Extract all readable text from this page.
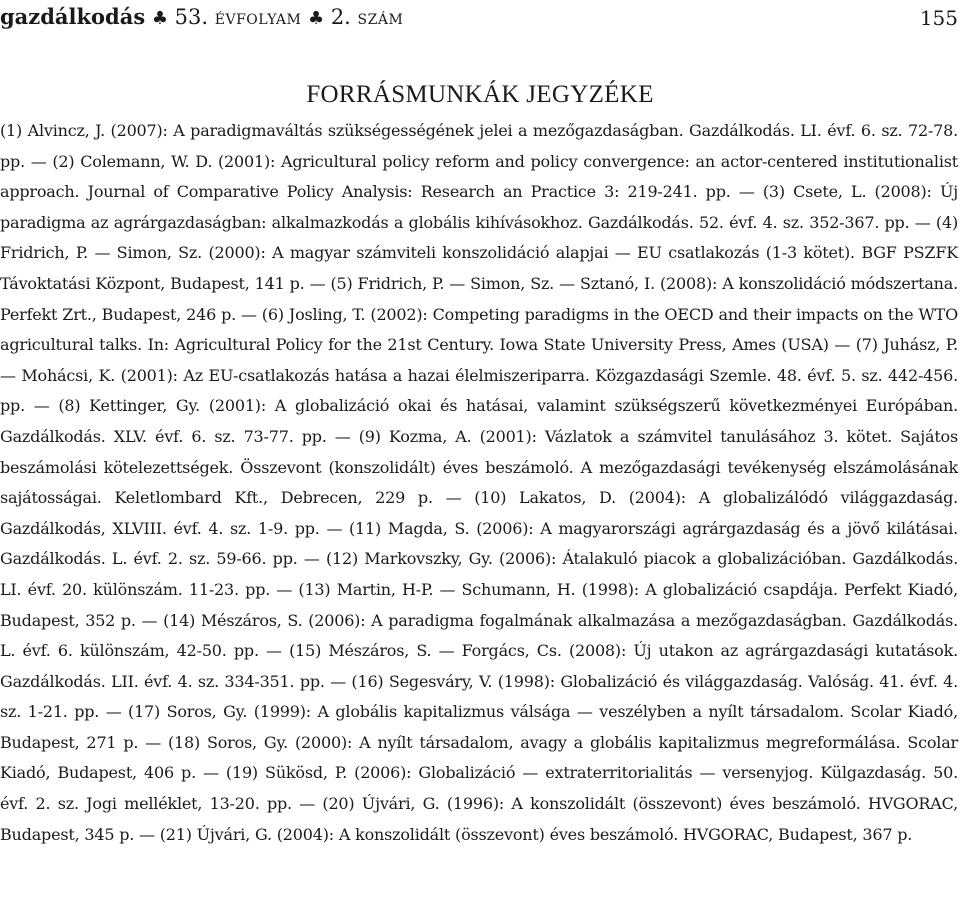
gazdálkodás ♣ 53. ÉVFOLYAM ♣ 2. SZÁM	155
FORRÁSMUNKÁK JEGYZÉKE

(1) Alvincz, J. (2007): A paradigmaváltás szükségességének jelei a mezőgazdaságban. Gazdálkodás. LI. évf. 6. sz. 72-78. pp. — (2) Colemann, W. D. (2001): Agricultural policy reform and policy convergence: an actor-centered institutionalist approach. Journal of Comparative Policy Analysis: Research an Practice 3: 219-241. pp. — (3) Csete, L. (2008): Új paradigma az agrárgazdaságban: alkalmazkodás a globális kihívásokhoz. Gazdálkodás. 52. évf. 4. sz. 352-367. pp. — (4) Fridrich, P. — Simon, Sz. (2000): A magyar számviteli konszolidáció alapjai — EU csatlakozás (1-3 kötet). BGF PSZFK Távoktatási Központ, Budapest, 141 p. — (5) Fridrich, P. — Simon, Sz. — Sztanó, I. (2008): A konszolidáció módszertana. Perfekt Zrt., Budapest, 246 p. — (6) Josling, T. (2002): Competing paradigms in the OECD and their impacts on the WTO agricultural talks. In: Agricultural Policy for the 21st Century. Iowa State University Press, Ames (USA) — (7) Juhász, P. — Mohácsi, K. (2001): Az EU-csatlakozás hatása a hazai élelmiszeriparra. Közgazdasági Szemle. 48. évf. 5. sz. 442-456. pp. — (8) Kettinger, Gy. (2001): A globalizáció okai és hatásai, valamint szükségszerű következményei Európában. Gazdálkodás. XLV. évf. 6. sz. 73-77. pp. — (9) Kozma, A. (2001): Vázlatok a számvitel tanulásához 3. kötet. Sajátos beszámolási kötelezettségek. Összevont (konszolidált) éves beszámoló. A mezőgazdasági tevékenység elszámolásának sajátosságai. Keletlombard Kft., Debrecen, 229 p. — (10) Lakatos, D. (2004): A globalizálódó világgazdaság. Gazdálkodás, XLVIII. évf. 4. sz. 1-9. pp. — (11) Magda, S. (2006): A magyarországi agrárgazdaság és a jövő kilátásai. Gazdálkodás. L. évf. 2. sz. 59-66. pp. — (12) Markovszky, Gy. (2006): Átalakuló piacok a globalizációban. Gazdálkodás. LI. évf. 20. különszám. 11-23. pp. — (13) Martin, H-P. — Schumann, H. (1998): A globalizáció csapdája. Perfekt Kiadó, Budapest, 352 p. — (14) Mészáros, S. (2006): A paradigma fogalmának alkalmazása a mezőgazdaságban. Gazdálkodás. L. évf. 6. különszám, 42-50. pp. — (15) Mészáros, S. — Forgács, Cs. (2008): Új utakon az agrárgazdasági kutatások. Gazdálkodás. LII. évf. 4. sz. 334-351. pp. — (16) Segesváry, V. (1998): Globalizáció és világgazdaság. Valóság. 41. évf. 4. sz. 1-21. pp. — (17) Soros, Gy. (1999): A globális kapitalizmus válsága — veszélyben a nyílt társadalom. Scolar Kiadó, Budapest, 271 p. — (18) Soros, Gy. (2000): A nyílt társadalom, avagy a globális kapitalizmus megreformálása. Scolar Kiadó, Budapest, 406 p. — (19) Sükösd, P. (2006): Globalizáció — extraterritorialitás — versenyjog. Külgazdaság. 50. évf. 2. sz. Jogi melléklet, 13-20. pp. — (20) Újvári, G. (1996): A konszolidált (összevont) éves beszámoló. HVGORAC, Budapest, 345 p. — (21) Újvári, G. (2004): A konszolidált (összevont) éves beszámoló. HVGORAC, Budapest, 367 p.
